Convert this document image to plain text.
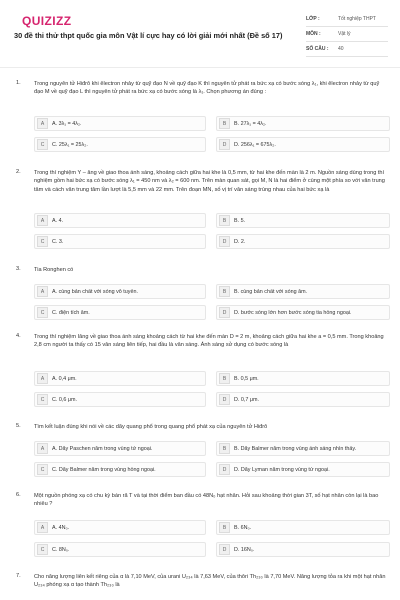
QUIZIZZ
30 đề thi thử thpt quốc gia môn Vật lí cực hay có lời giải mới nhất (Đề số 17)
LỚP :	Tốt nghiệp THPT
MÔN :	Vật lý
SỐ CÂU :	40
1. Trong nguyên tử Hiđrô khi êlectron nhảy từ quỹ đạo N về quỹ đạo K thì nguyên tử phát ra bức xạ có bước sóng λ₁, khi êlectron nhảy từ quỹ đạo M về quỹ đạo L thì nguyên tử phát ra bức xạ có bước sóng là λ₁. Chọn phương án đúng :
A	A. 3λ₁ = 4λ₂.	B	B. 27λ₁ = 4λ₂.
C	C. 25λ₁ = 25λ₂.	D	D. 256λ₁ = 675λ₂.
2. Trong thí nghiệm Y – âng về giao thoa ánh sáng, khoảng cách giữa hai khe là 0,5 mm, từ hai khe đến màn là 2 m. Nguồn sáng dùng trong thí nghiệm gồm hai bức xạ có bước sóng λ₁ = 450 nm và λ₂ = 600 nm. Trên màn quan sát, gọi M, N là hai điểm ở cùng một phía so với vân trung tâm và cách vân trung tâm lần lượt là 5,5 mm và 22 mm. Trên đoạn MN, số vị trí vân sáng trùng nhau của hai bức xạ là
A	A. 4.	B	B. 5.
C	C. 3.	D	D. 2.
3. Tia Ronghen có
A	A. cùng bản chất với sóng vô tuyến.	B	B. cùng bản chất với sóng âm.
C	C. điện tích âm.	D	D. bước sóng lớn hơn bước sóng tia hồng ngoại.
4. Trong thí nghiệm Iâng về giao thoa ánh sáng khoảng cách từ hai khe đến màn D = 2 m, khoảng cách giữa hai khe a = 0,5 mm. Trong khoảng 2,8 cm người ta thấy có 15 vân sáng liên tiếp, hai đầu là vân sáng. Ánh sáng sử dụng có bước sóng là
A	A. 0,4 μm.	B	B. 0,5 μm.
C	C. 0,6 μm.	D	D. 0,7 μm.
5. Tìm kết luận đúng khi nói về các dãy quang phổ trong quang phổ phát xạ của nguyên tử Hiđrô
A	A. Dãy Paschen nằm trong vùng tử ngoại.	B	B. Dãy Balmer nằm trong vùng ánh sáng nhìn thấy.
C	C. Dãy Balmer nằm trong vùng hồng ngoại.	D	D. Dãy Lyman nằm trong vùng tử ngoại.
6. Một nguồn phóng xạ có chu kỳ bán rã T và tại thời điểm ban đầu có 48N₀ hạt nhân. Hỏi sau khoảng thời gian 3T, số hạt nhân còn lại là bao nhiêu ?
A	A. 4N₀.	B	B. 6N₀.
C	C. 8N₀.	D	D. 16N₀.
7. Cho năng lượng liên kết riêng của α là 7,10 MeV, của urani U₂₃₄ là 7,63 MeV, của thôri Th₂₃₀ là 7,70 MeV. Năng lượng tỏa ra khi một hạt nhân U₂₃₄ phóng xạ α tạo thành Th₂₃₀ là
